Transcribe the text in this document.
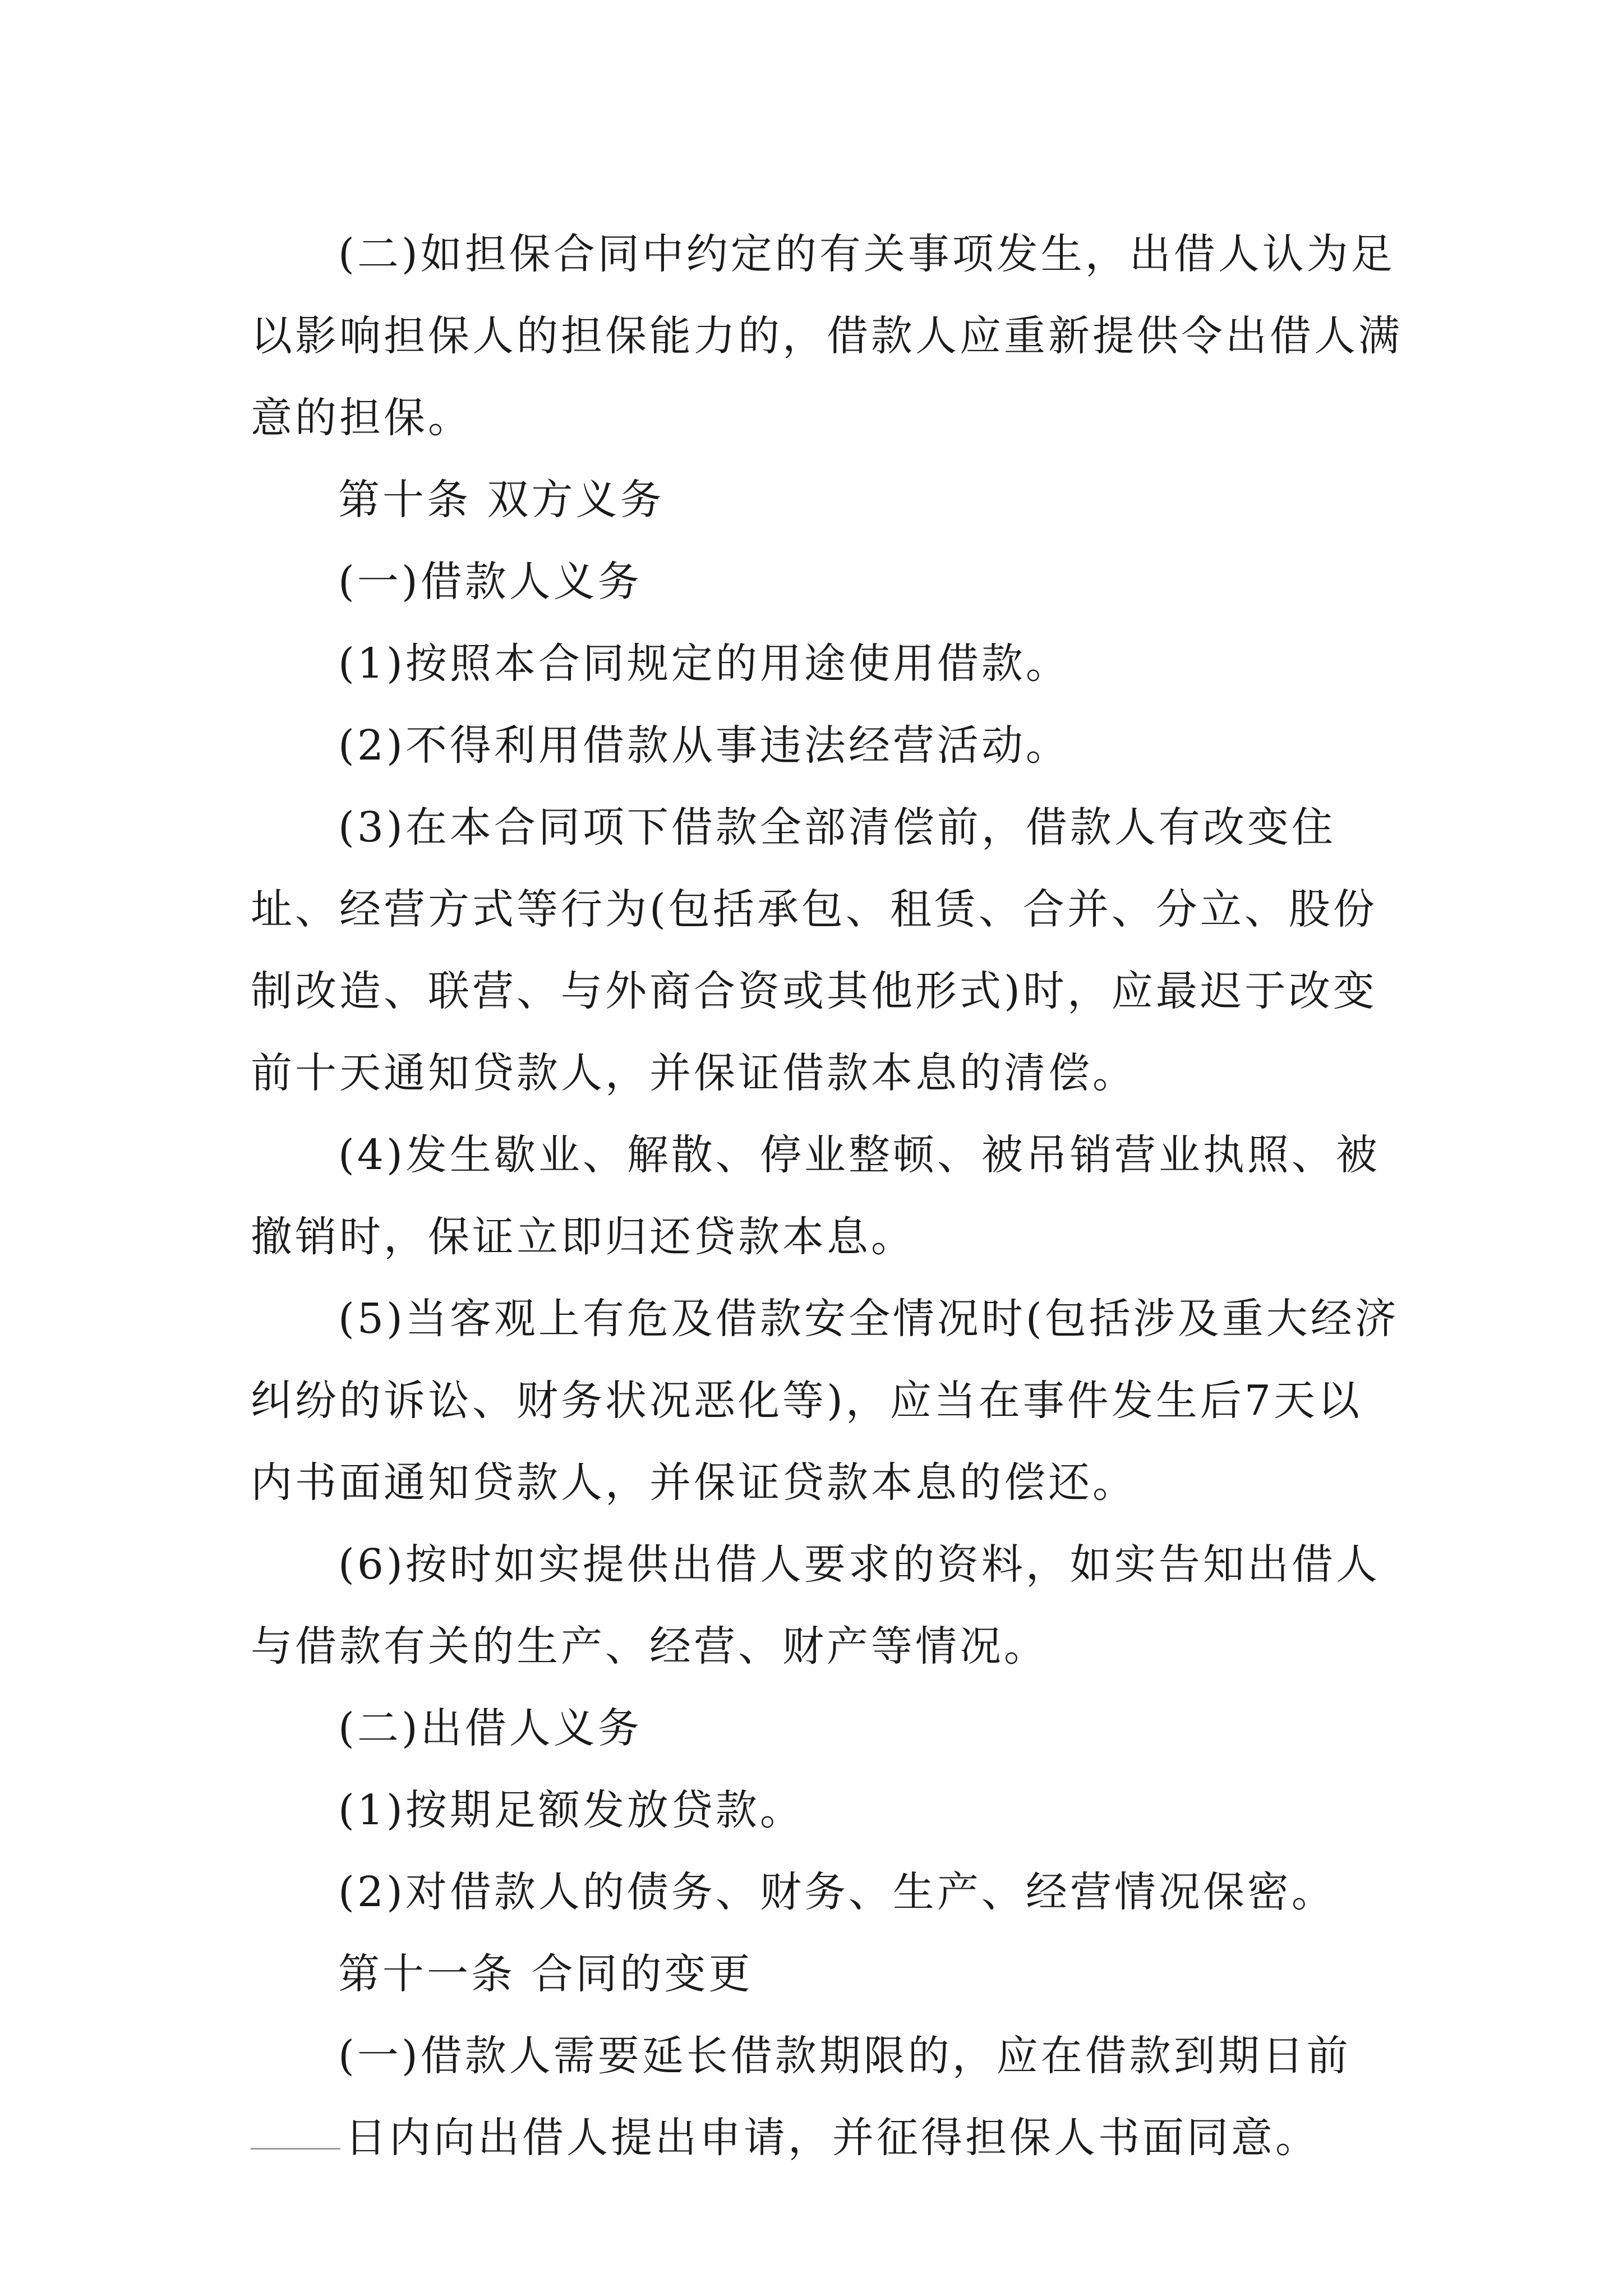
(二)如担保合同中约定的有关事项发生，出借人认为足以影响担保人的担保能力的，借款人应重新提供令出借人满意的担保。

第十条 双方义务

(一)借款人义务

(1)按照本合同规定的用途使用借款。

(2)不得利用借款从事违法经营活动。

(3)在本合同项下借款全部清偿前，借款人有改变住址、经营方式等行为(包括承包、租赁、合并、分立、股份制改造、联营、与外商合资或其他形式)时，应最迟于改变前十天通知贷款人，并保证借款本息的清偿。

(4)发生歇业、解散、停业整顿、被吊销营业执照、被撤销时，保证立即归还贷款本息。

(5)当客观上有危及借款安全情况时(包括涉及重大经济纠纷的诉讼、财务状况恶化等)，应当在事件发生后7天以内书面通知贷款人，并保证贷款本息的偿还。

(6)按时如实提供出借人要求的资料，如实告知出借人与借款有关的生产、经营、财产等情况。

(二)出借人义务

(1)按期足额发放贷款。

(2)对借款人的债务、财务、生产、经营情况保密。

第十一条 合同的变更

(一)借款人需要延长借款期限的，应在借款到期日前日内向出借人提出申请，并征得担保人书面同意。
